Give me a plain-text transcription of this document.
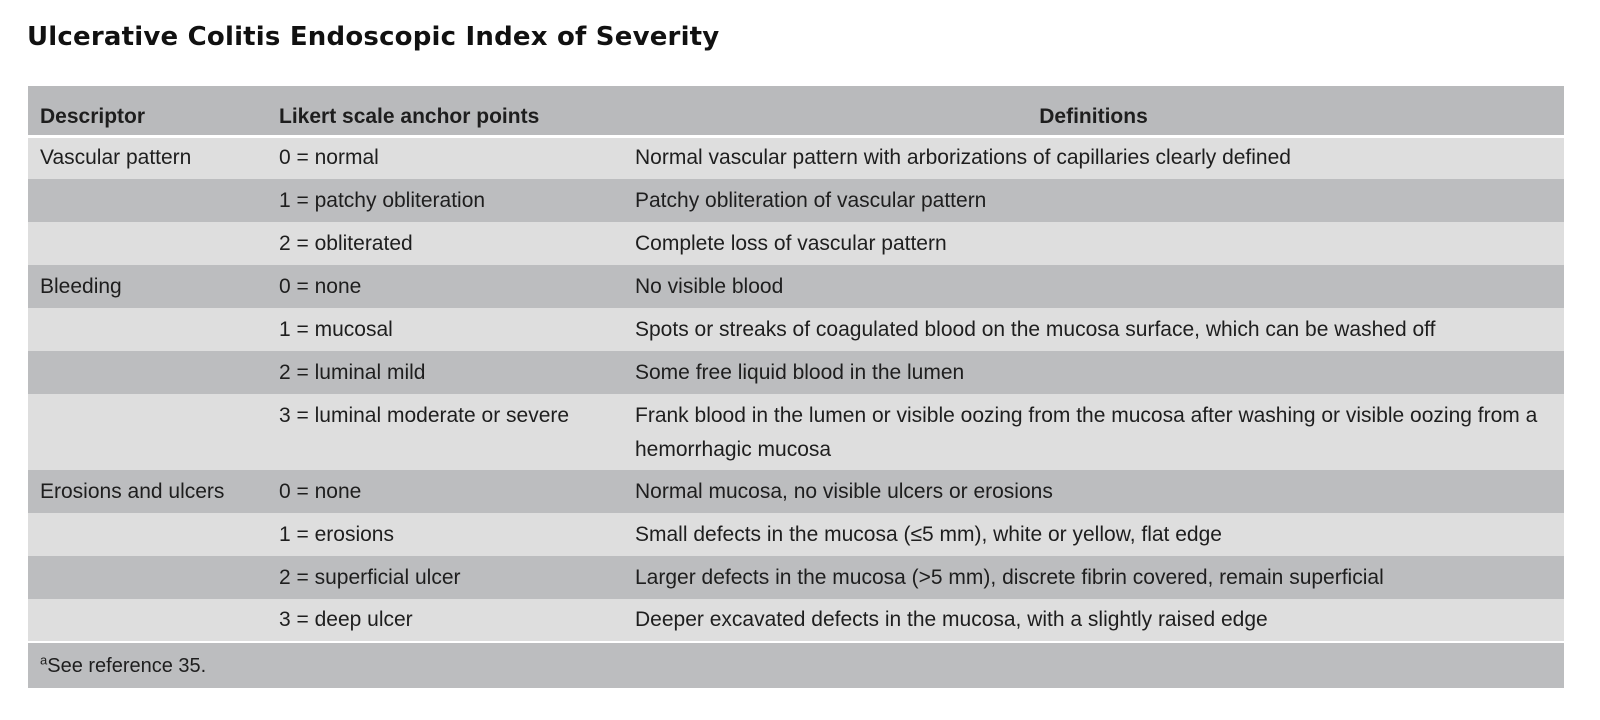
Ulcerative Colitis Endoscopic Index of Severity
Descriptor	Likert scale anchor points	Definitions
Vascular pattern	0 = normal	Normal vascular pattern with arborizations of capillaries clearly defined
	1 = patchy obliteration	Patchy obliteration of vascular pattern
	2 = obliterated	Complete loss of vascular pattern
Bleeding	0 = none	No visible blood
	1 = mucosal	Spots or streaks of coagulated blood on the mucosa surface, which can be washed off
	2 = luminal mild	Some free liquid blood in the lumen
	3 = luminal moderate or severe	Frank blood in the lumen or visible oozing from the mucosa after washing or visible oozing from a hemorrhagic mucosa
Erosions and ulcers	0 = none	Normal mucosa, no visible ulcers or erosions
	1 = erosions	Small defects in the mucosa (≤5 mm), white or yellow, flat edge
	2 = superficial ulcer	Larger defects in the mucosa (>5 mm), discrete fibrin covered, remain superficial
	3 = deep ulcer	Deeper excavated defects in the mucosa, with a slightly raised edge
$^a$See reference 35.		
